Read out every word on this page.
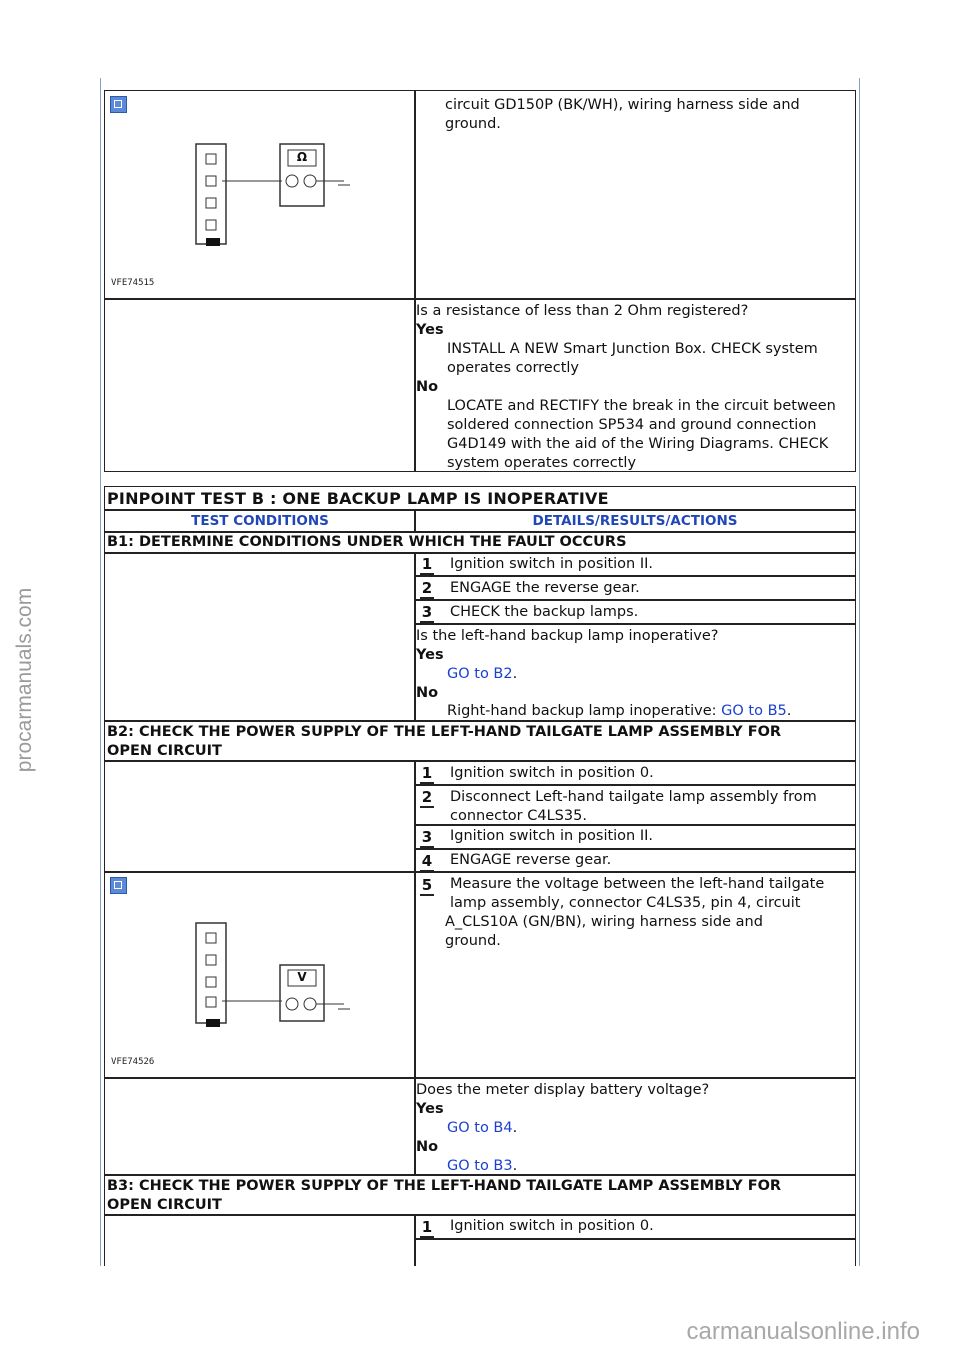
procarmanuals.com
carmanualsonline.info
Ω
VFE74515
circuit GD150P (BK/WH), wiring harness side and ground.
Is a resistance of less than 2 Ohm registered?
Yes
INSTALL A NEW Smart Junction Box. CHECK system operates correctly
No
LOCATE and RECTIFY the break in the circuit between soldered connection SP534 and ground connection G4D149 with the aid of the Wiring Diagrams. CHECK system operates correctly
PINPOINT TEST B : ONE BACKUP LAMP IS INOPERATIVE
TEST CONDITIONS	DETAILS/RESULTS/ACTIONS
B1: DETERMINE CONDITIONS UNDER WHICH THE FAULT OCCURS
1 Ignition switch in position II.
2 ENGAGE the reverse gear.
3 CHECK the backup lamps.
Is the left-hand backup lamp inoperative?
Yes
GO to B2.
No
Right-hand backup lamp inoperative: GO to B5.
B2: CHECK THE POWER SUPPLY OF THE LEFT-HAND TAILGATE LAMP ASSEMBLY FOR
OPEN CIRCUIT
1 Ignition switch in position 0.
2 Disconnect Left-hand tailgate lamp assembly from connector C4LS35.
3 Ignition switch in position II.
4 ENGAGE reverse gear.
V
VFE74526
5 Measure the voltage between the left-hand tailgate lamp assembly, connector C4LS35, pin 4, circuit
A_CLS10A (GN/BN), wiring harness side and ground.
Does the meter display battery voltage?
Yes
GO to B4.
No
GO to B3.
B3: CHECK THE POWER SUPPLY OF THE LEFT-HAND TAILGATE LAMP ASSEMBLY FOR
OPEN CIRCUIT
1 Ignition switch in position 0.
